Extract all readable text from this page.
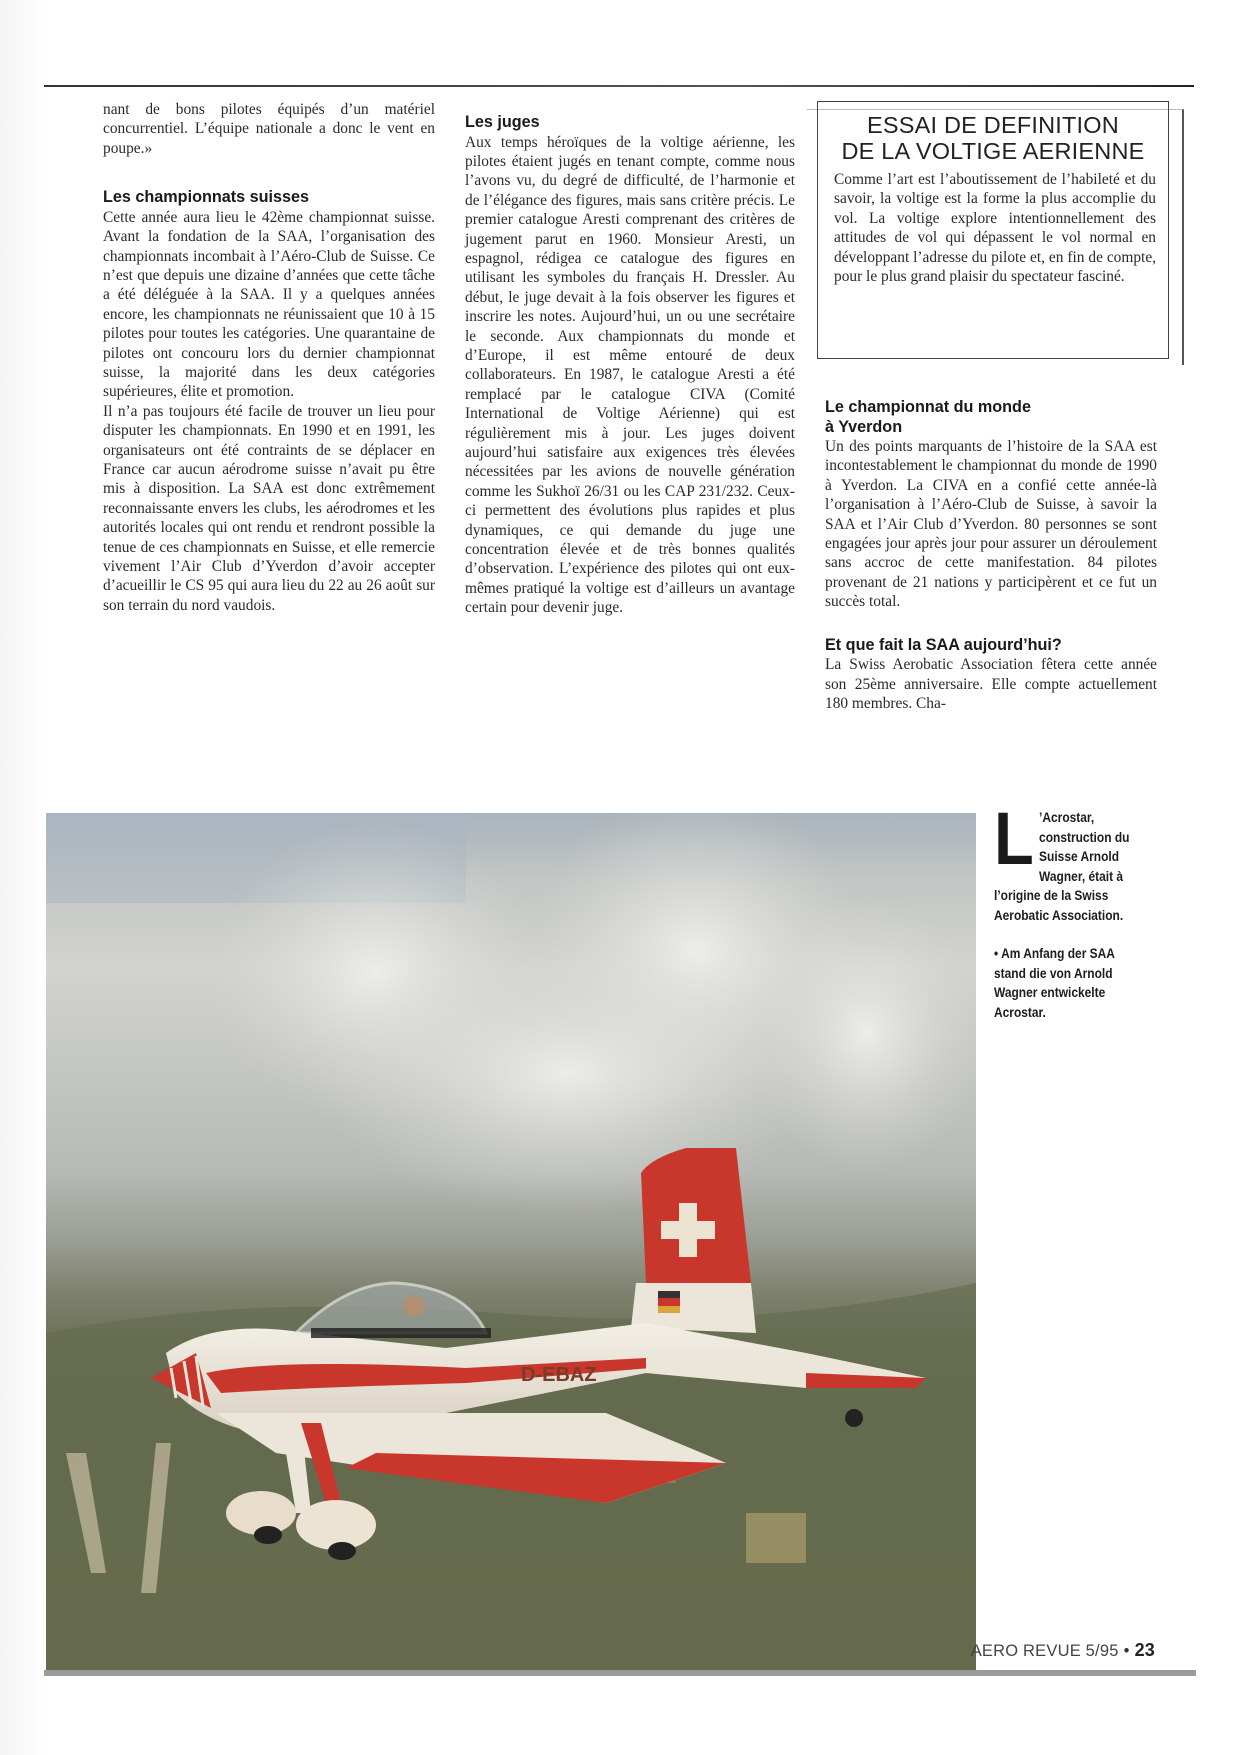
nant de bons pilotes équipés d’un matériel concurrentiel. L’équipe nationale a donc le vent en poupe.»

Les championnats suisses

Cette année aura lieu le 42ème championnat suisse. Avant la fondation de la SAA, l’organisation des championnats incombait à l’Aéro-Club de Suisse. Ce n’est que depuis une dizaine d’années que cette tâche a été déléguée à la SAA. Il y a quelques années encore, les championnats ne réunissaient que 10 à 15 pilotes pour toutes les catégories. Une quarantaine de pilotes ont concouru lors du dernier championnat suisse, la majorité dans les deux catégories supérieures, élite et promotion.

Il n’a pas toujours été facile de trouver un lieu pour disputer les championnats. En 1990 et en 1991, les organisateurs ont été contraints de se déplacer en France car aucun aérodrome suisse n’avait pu être mis à disposition. La SAA est donc extrêmement reconnaissante envers les clubs, les aérodromes et les autorités locales qui ont rendu et rendront possible la tenue de ces championnats en Suisse, et elle remercie vivement l’Air Club d’Yverdon d’avoir accepter d’acueillir le CS 95 qui aura lieu du 22 au 26 août sur son terrain du nord vaudois.

Les juges

Aux temps héroïques de la voltige aérienne, les pilotes étaient jugés en tenant compte, comme nous l’avons vu, du degré de difficulté, de l’harmonie et de l’élégance des figures, mais sans critère précis. Le premier catalogue Aresti comprenant des critères de jugement parut en 1960. Monsieur Aresti, un espagnol, rédigea ce catalogue des figures en utilisant les symboles du français H. Dressler. Au début, le juge devait à la fois observer les figures et inscrire les notes. Aujourd’hui, un ou une secrétaire le seconde. Aux championnats du monde et d’Europe, il est même entouré de deux collaborateurs. En 1987, le catalogue Aresti a été remplacé par le catalogue CIVA (Comité International de Voltige Aérienne) qui est régulièrement mis à jour. Les juges doivent aujourd’hui satisfaire aux exigences très élevées nécessitées par les avions de nouvelle génération comme les Sukhoï 26/31 ou les CAP 231/232. Ceux-ci permettent des évolutions plus rapides et plus dynamiques, ce qui demande du juge une concentration élevée et de très bonnes qualités d’observation. L’expérience des pilotes qui ont eux-mêmes pratiqué la voltige est d’ailleurs un avantage certain pour devenir juge.

ESSAI DE DEFINITION
DE LA VOLTIGE AERIENNE

Comme l’art est l’aboutissement de l’habileté et du savoir, la voltige est la forme la plus accomplie du vol. La voltige explore intentionnellement des attitudes de vol qui dépassent le vol normal en développant l’adresse du pilote et, en fin de compte, pour le plus grand plaisir du spectateur fasciné.

Le championnat du monde
à Yverdon

Un des points marquants de l’histoire de la SAA est incontestablement le championnat du monde de 1990 à Yverdon. La CIVA en a confié cette année-là l’organisation à l’Aéro-Club de Suisse, à savoir la SAA et l’Air Club d’Yverdon. 80 personnes se sont engagées jour après jour pour assurer un déroulement sans accroc de cette manifestation. 84 pilotes provenant de 21 nations y participèrent et ce fut un succès total.

Et que fait la SAA aujourd’hui?

La Swiss Aerobatic Association fêtera cette année son 25ème anniversaire. Elle compte actuellement 180 membres. Cha-

D-EBAZ
L ’Acrostar, construction du Suisse Arnold Wagner, était à l’origine de la Swiss Aerobatic Association.

• Am Anfang der SAA stand die von Arnold Wagner entwickelte Acrostar.

AERO REVUE 5/95 • 23
